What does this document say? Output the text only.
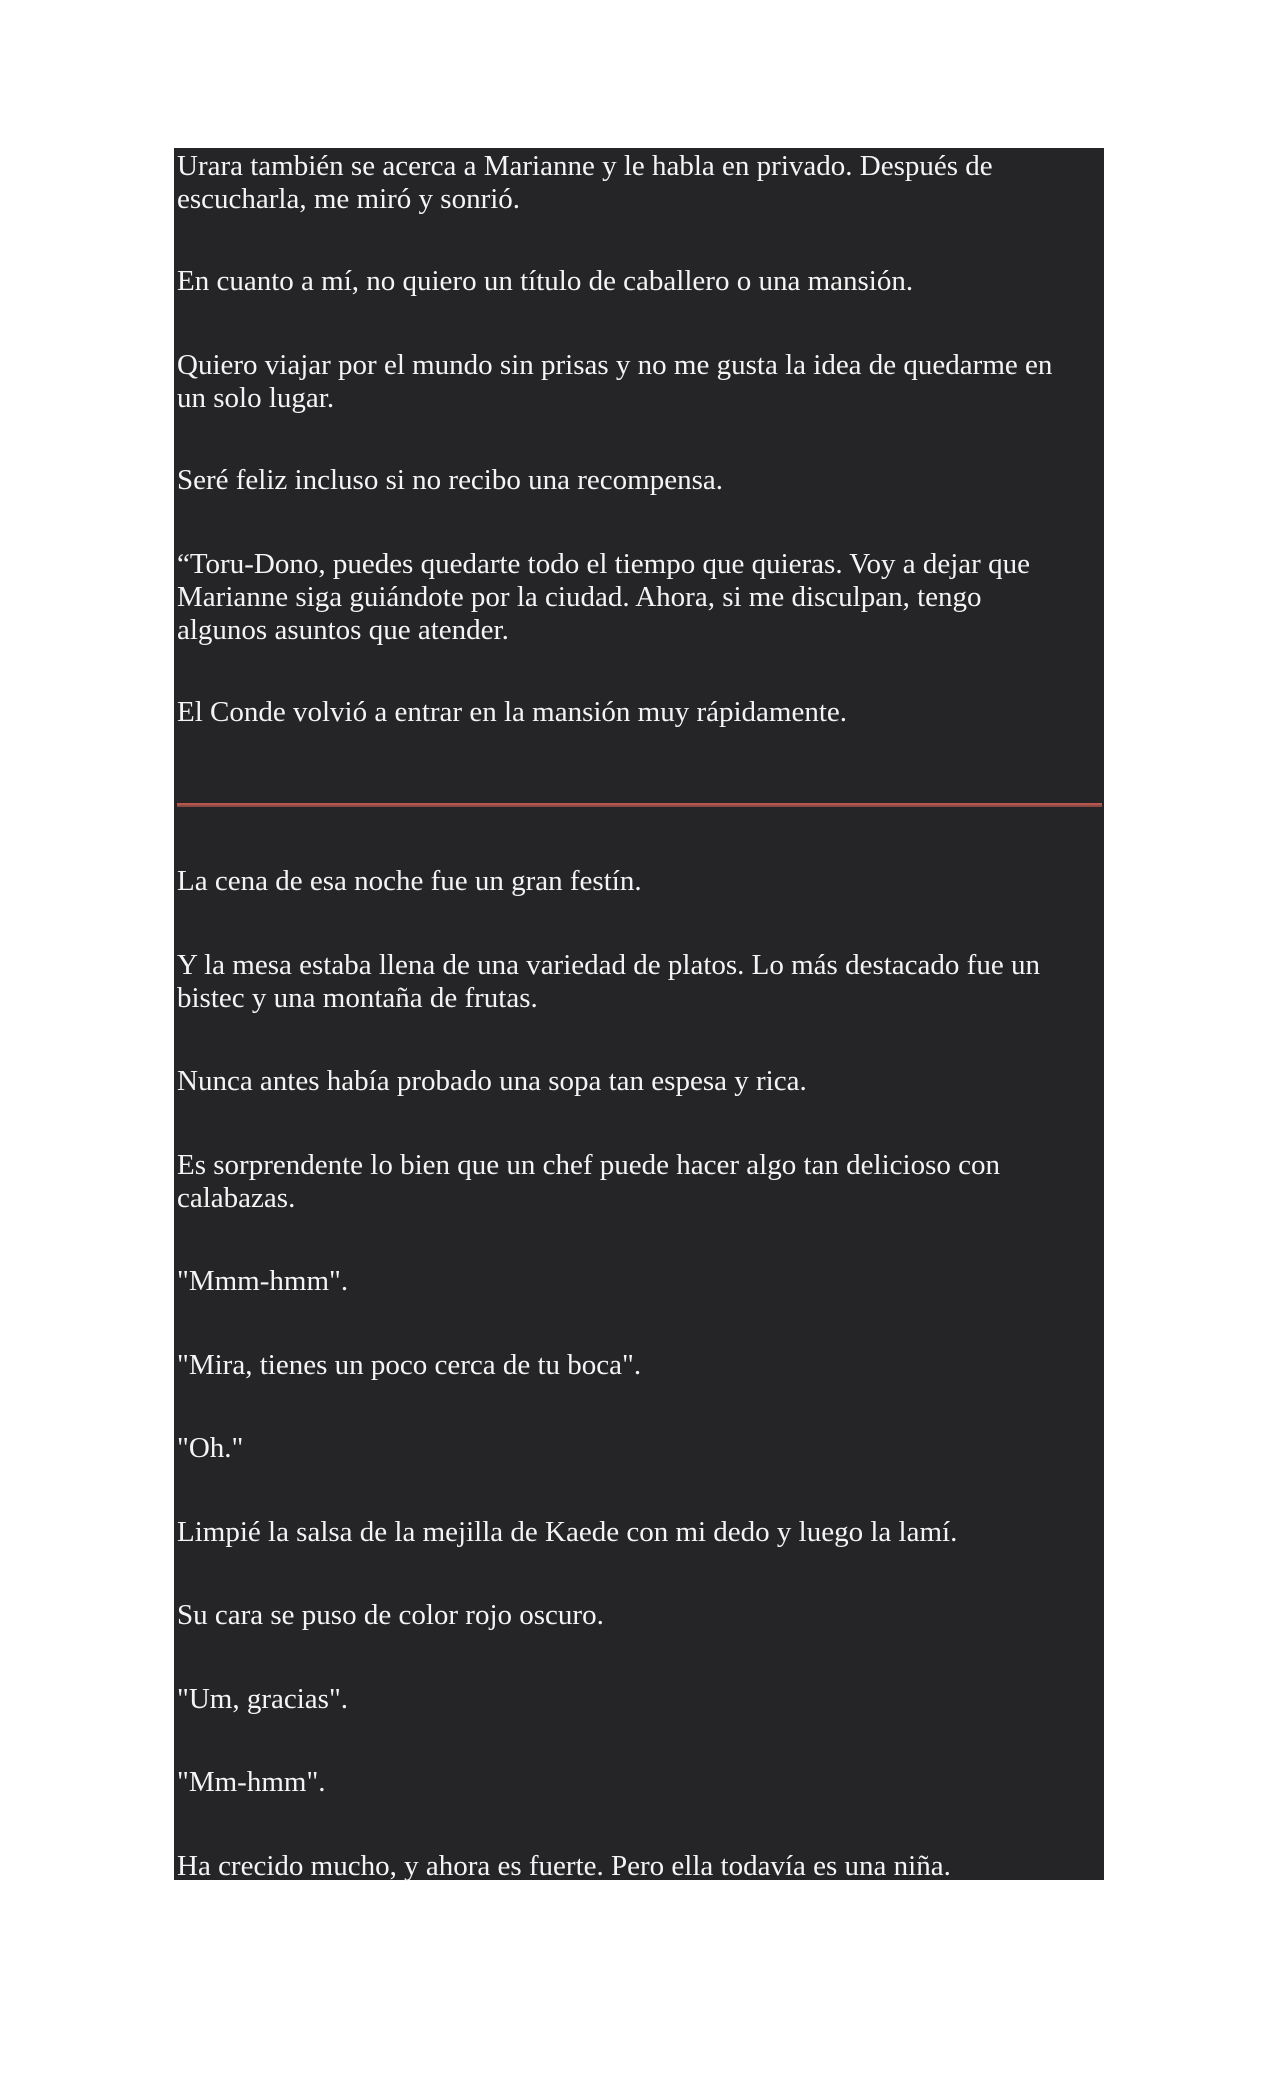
Urara también se acerca a Marianne y le habla en privado. Después de escucharla, me miró y sonrió.

En cuanto a mí, no quiero un título de caballero o una mansión.

Quiero viajar por el mundo sin prisas y no me gusta la idea de quedarme en un solo lugar.

Seré feliz incluso si no recibo una recompensa.

“Toru-Dono, puedes quedarte todo el tiempo que quieras. Voy a dejar que Marianne siga guiándote por la ciudad. Ahora, si me disculpan, tengo algunos asuntos que atender.

El Conde volvió a entrar en la mansión muy rápidamente.

La cena de esa noche fue un gran festín.

Y la mesa estaba llena de una variedad de platos. Lo más destacado fue un bistec y una montaña de frutas.

Nunca antes había probado una sopa tan espesa y rica.

Es sorprendente lo bien que un chef puede hacer algo tan delicioso con calabazas.

"Mmm-hmm".

"Mira, tienes un poco cerca de tu boca".

"Oh."

Limpié la salsa de la mejilla de Kaede con mi dedo y luego la lamí.

Su cara se puso de color rojo oscuro.

"Um, gracias".

"Mm-hmm".

Ha crecido mucho, y ahora es fuerte. Pero ella todavía es una niña.
